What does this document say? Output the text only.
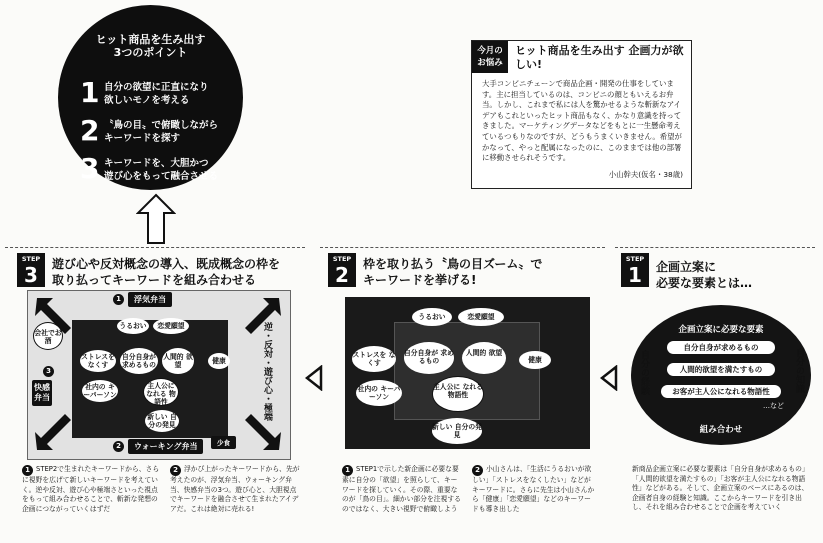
ヒット商品を生み出す
3つのポイント
1 自分の欲望に正直になり
欲しいモノを考える
2 〝鳥の目〟で俯瞰しながら
キーワードを探す
3 キーワードを、大胆かつ
遊び心をもって融合させる
今月の お悩み
ヒット商品を生み出す 企画力が欲しい!
大手コンビニチェーンで商品企画・開発の仕事をしています。主に担当しているのは、コンビニの顔ともいえるお弁当。しかし、これまで私には人を驚かせるような斬新なアイデアもこれといったヒット商品もなく、かなり意識を持ってきました。マーケティングデータなどをもとに一生懸命考えているつもりなのですが、どうもうまくいきません。希望がかなって、やっと配属になったのに、このままでは他の部署に移動させられそうです。
小山幹夫(仮名・38歳)
STEP
3	遊び心や反対概念の導入、既成概念の枠を
取り払ってキーワードを組み合わせる
1	浮気弁当
2	ウォーキング弁当	少食
会社でお酒
3
快感弁当	逆・反対・遊び心・極端
うるおい	恋愛願望
ストレスを なくす
自分自身が 求めるもの
人間的 欲望	健康
主人公に なれる 物語性
社内の キーパーソン
新しい 自分の発見
1 STEP2で生まれたキーワードから、さらに視野を広げて新しいキーワードを考えていく。逆や反対、遊び心や極端さといった視点をもって組み合わせることで、斬新な発想の企画につながっていくはずだ
2 浮かび上がったキーワードから、先が考えたのが、浮気弁当、ウォーキング弁当、快感弁当の3つ。遊び心と、大胆視点でキーワードを融合させて生まれたアイデアだ。これは絶対に売れる!
STEP
2	枠を取り払う〝鳥の目ズーム〟で
キーワードを挙げる!
うるおい	恋愛願望
ストレスを なくす
自分自身が 求めるもの
人間的 欲望
健康
主人公に なれる 物語性
社内の キーパーソン
新しい 自分の発見
1 STEP1で示した新企画に必要な要素に自分の「欲望」を照らして、キーワードを探していく。その際、重要なのが「鳥の目」。細かい部分を注視するのではなく、大きい視野で俯瞰しよう
2 小山さんは、「生活にうるおいが欲しい」「ストレスをなくしたい」などがキーワードに。さらに先生は小山さんから「健康」「恋愛願望」などのキーワードも導き出した
STEP
1	企画立案に
必要な要素とは…
企画立案に必要な要素
自分自身が求めるもの
人間的欲望を満たすもの
お客が主人公になれる物語性
…など
組み合わせ
自分の経験	自分の知識
新商品企画立案に必要な要素は「自分自身が求めるもの」「人間的欲望を満たすもの」「お客が主人公になれる物語性」などがある。そして、企画立案のベースにあるのは、企画者自身の経験と知識。ここからキーワードを引き出し、それを組み合わせることで企画を考えていく
